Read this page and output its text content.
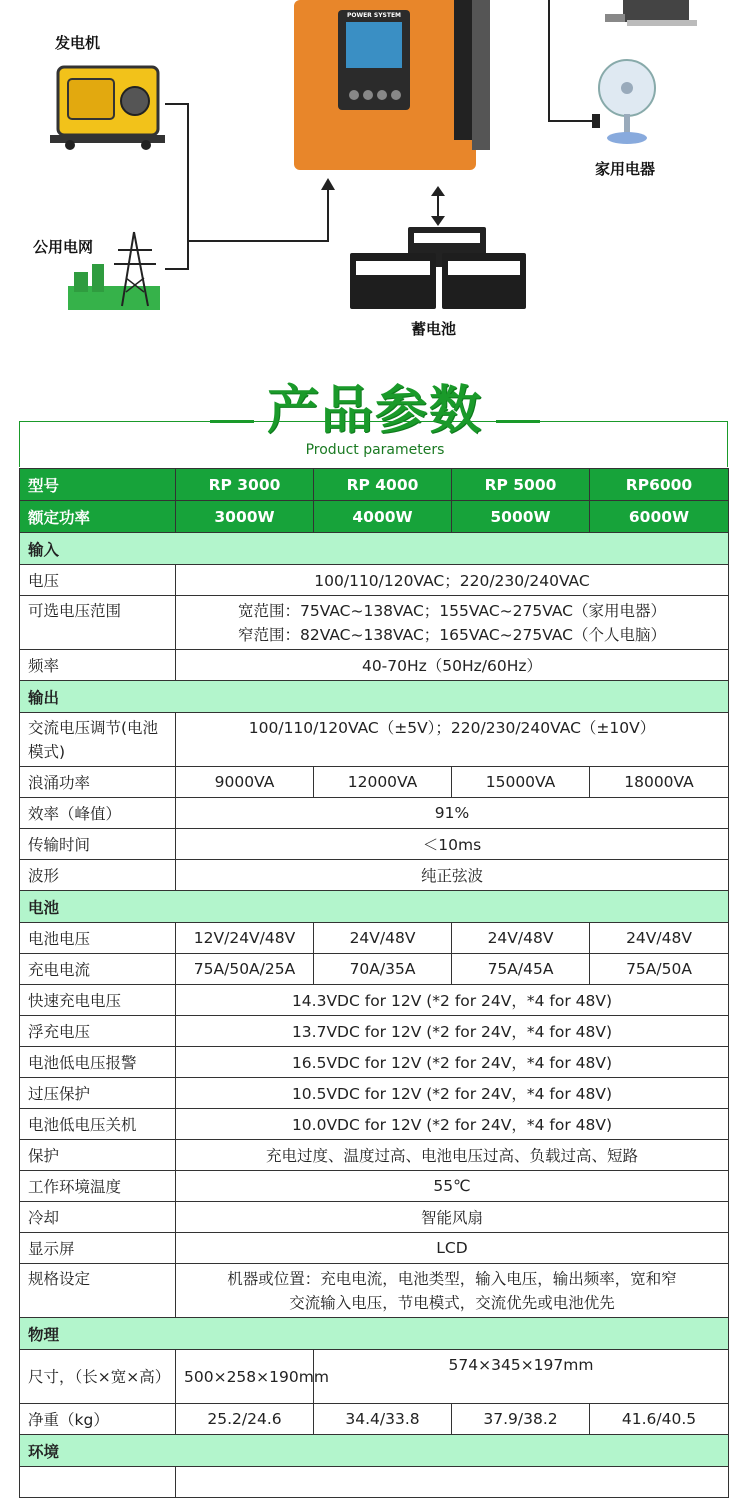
发电机
公用电网
POWER SYSTEM
蓄电池
家用电器
产品参数
Product parameters
型号	RP 3000	RP 4000	RP 5000	RP6000
额定功率	3000W	4000W	5000W	6000W
输入				
电压	100/110/120VAC；220/230/240VAC			
可选电压范围	宽范围：75VAC~138VAC；155VAC~275VAC（家用电器）
窄范围：82VAC~138VAC；165VAC~275VAC（个人电脑）			

频率	40-70Hz（50Hz/60Hz）			
输出				
交流电压调节(电池模式)	100/110/120VAC（±5V）；220/230/240VAC（±10V）			
浪涌功率	9000VA	12000VA	15000VA	18000VA
效率（峰值）	91%			
传输时间	＜10ms			
波形	纯正弦波			
电池				
电池电压	12V/24V/48V	24V/48V	24V/48V	24V/48V
充电电流	75A/50A/25A	70A/35A	75A/45A	75A/50A
快速充电电压	14.3VDC for 12V (*2 for 24V，*4 for 48V)			
浮充电压	13.7VDC for 12V (*2 for 24V，*4 for 48V)			
电池低电压报警	16.5VDC for 12V (*2 for 24V，*4 for 48V)			
过压保护	10.5VDC for 12V (*2 for 24V，*4 for 48V)			
电池低电压关机	10.0VDC for 12V (*2 for 24V，*4 for 48V)			
保护	充电过度、温度过高、电池电压过高、负载过高、短路			
工作环境温度	55℃			
冷却	智能风扇			
显示屏	LCD			
规格设定	机器或位置：充电电流，电池类型，输入电压，输出频率，宽和窄
交流输入电压，节电模式，交流优先或电池优先			

物理				
尺寸，（长×宽×高）	500×258×190mm	574×345×197mm		
净重（kg）	25.2/24.6	34.4/33.8	37.9/38.2	41.6/40.5
环境				
